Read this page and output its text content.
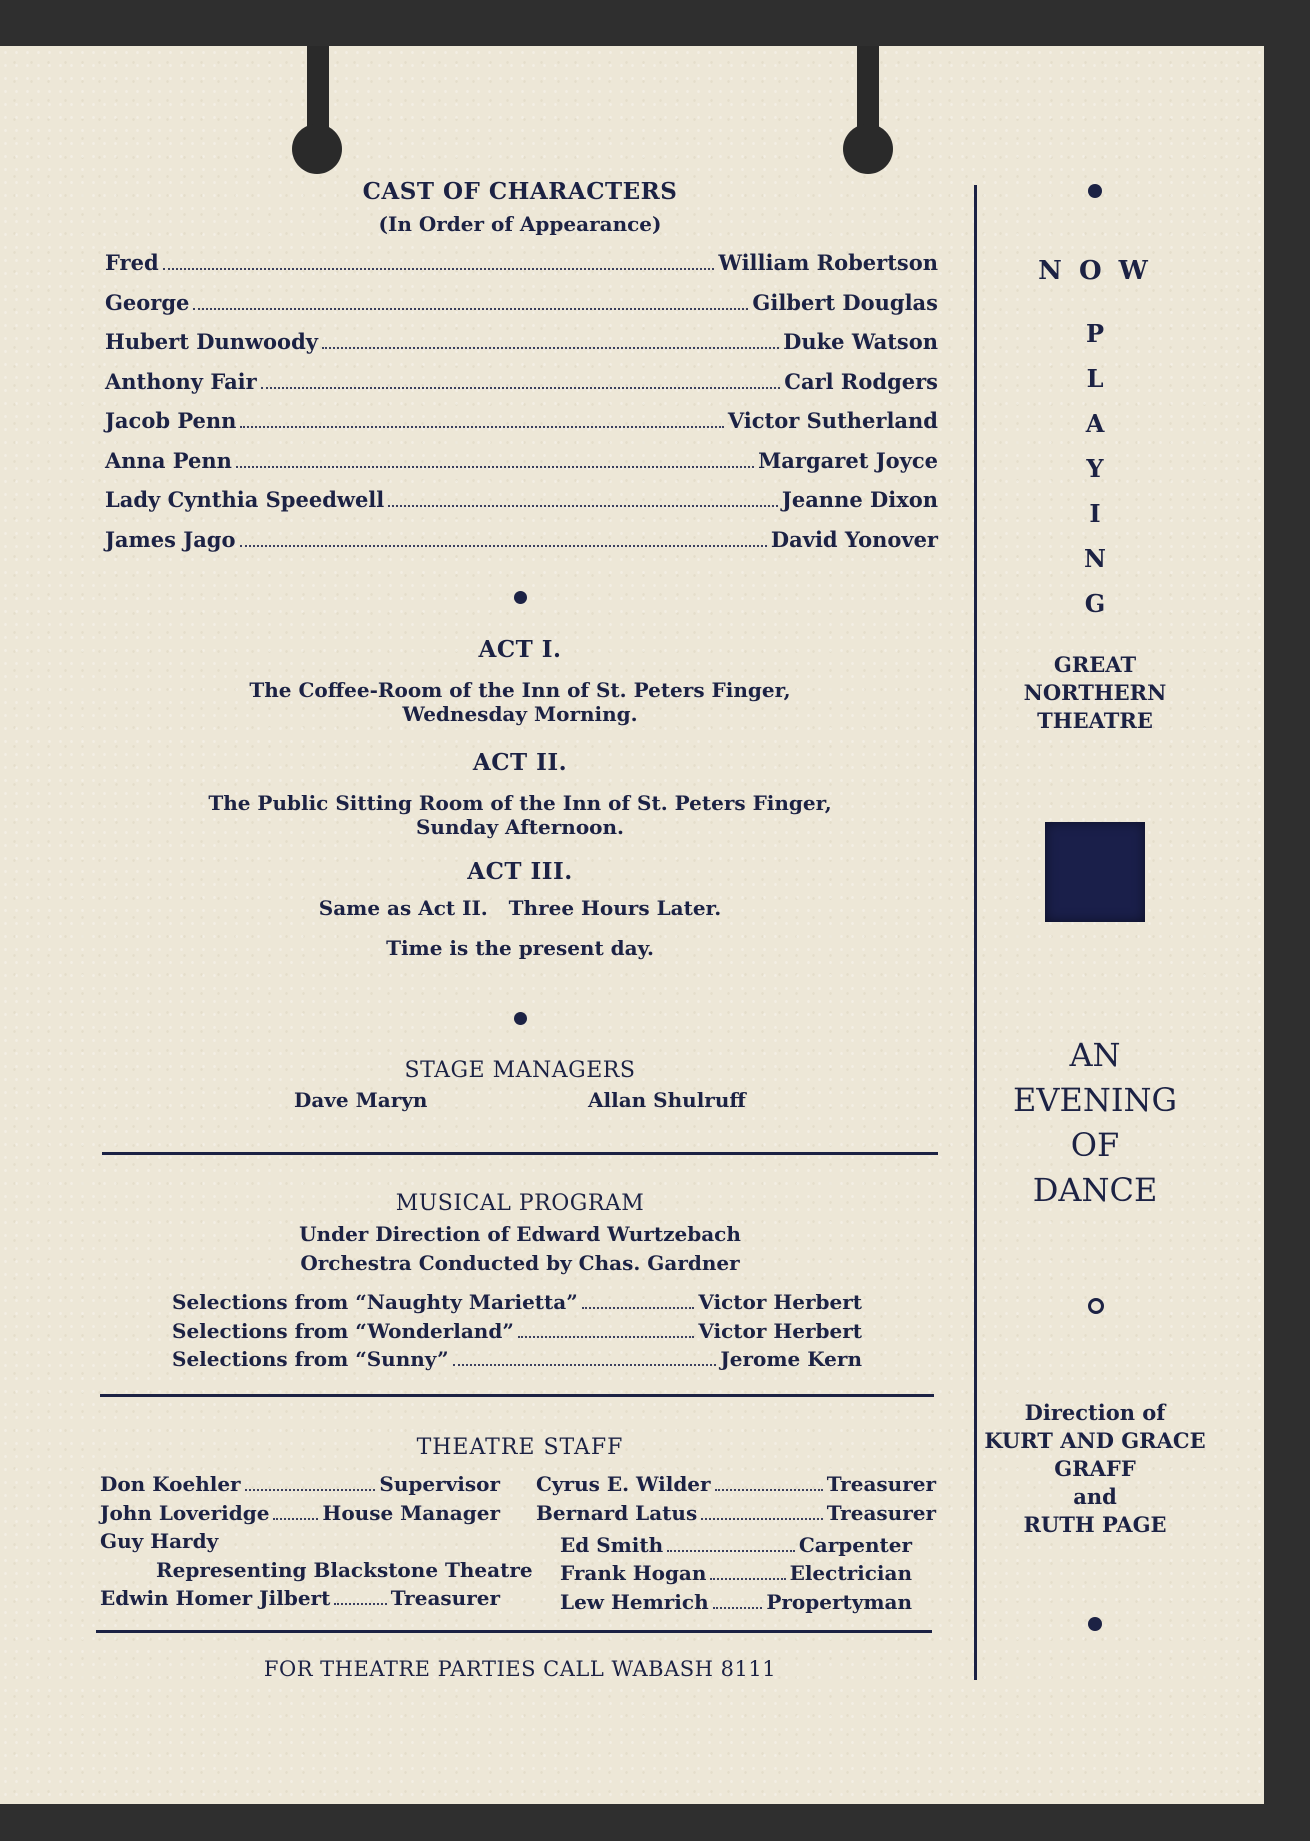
CAST OF CHARACTERS
(In Order of Appearance)
Fred	William Robertson
George	Gilbert Douglas
Hubert Dunwoody	Duke Watson
Anthony Fair	Carl Rodgers
Jacob Penn	Victor Sutherland
Anna Penn	Margaret Joyce
Lady Cynthia Speedwell	Jeanne Dixon
James Jago	David Yonover
ACT I.
The Coffee-Room of the Inn of St. Peters Finger,
Wednesday Morning.
ACT II.
The Public Sitting Room of the Inn of St. Peters Finger,
Sunday Afternoon.
ACT III.
Same as Act II.   Three Hours Later.
Time is the present day.
STAGE MANAGERS
Dave Maryn	Allan Shulruff
MUSICAL PROGRAM
Under Direction of Edward Wurtzebach
Orchestra Conducted by Chas. Gardner
Selections from “Naughty Marietta”	Victor Herbert
Selections from “Wonderland”	Victor Herbert
Selections from “Sunny”	Jerome Kern
THEATRE STAFF
Don Koehler	Supervisor
John Loveridge	House Manager
Guy Hardy
Representing Blackstone Theatre
Edwin Homer Jilbert	Treasurer
Cyrus E. Wilder	Treasurer
Bernard Latus	Treasurer
Ed Smith	Carpenter
Frank Hogan	Electrician
Lew Hemrich	Propertyman
FOR THEATRE PARTIES CALL WABASH 8111
N O W
P
L
A
Y
I
N
G
GREAT
NORTHERN
THEATRE
AN
EVENING
OF
DANCE
Direction of
KURT AND GRACE
GRAFF
and
RUTH PAGE
